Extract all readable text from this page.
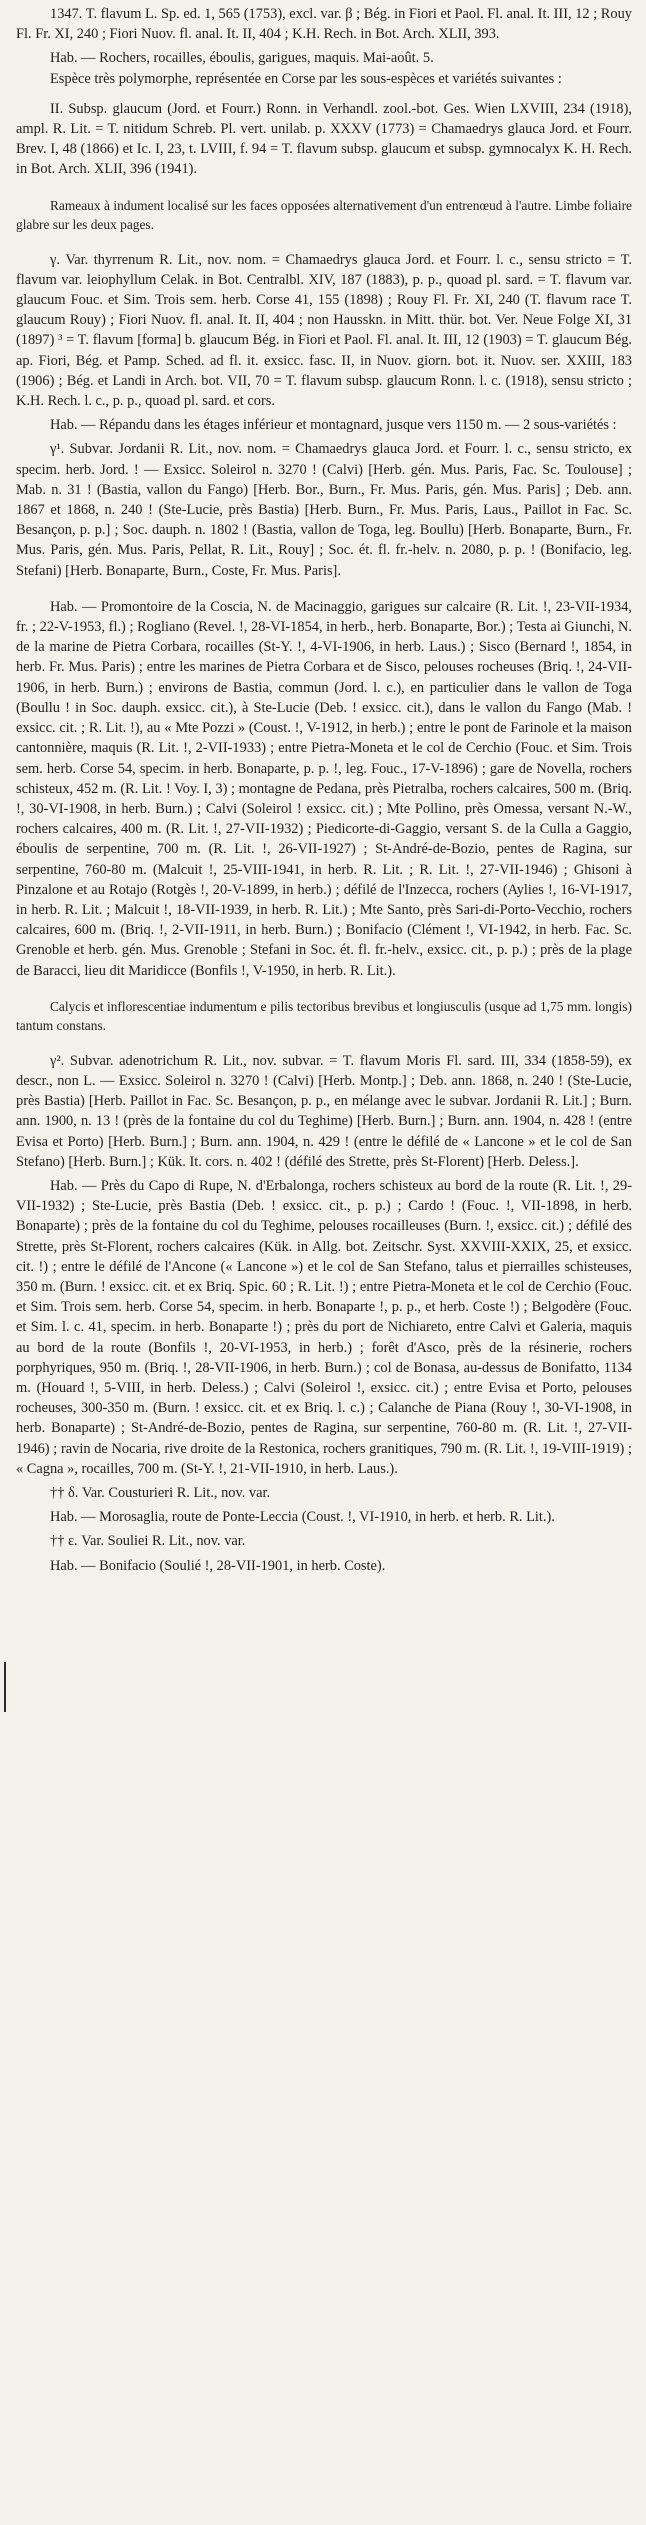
1347. T. flavum L. Sp. ed. 1, 565 (1753), excl. var. β ; Bég. in Fiori et Paol. Fl. anal. It. III, 12 ; Rouy Fl. Fr. XI, 240 ; Fiori Nuov. fl. anal. It. II, 404 ; K.H. Rech. in Bot. Arch. XLII, 393.

Hab. — Rochers, rocailles, éboulis, garigues, maquis. Mai-août. 5.

Espèce très polymorphe, représentée en Corse par les sous-espèces et variétés suivantes :

II. Subsp. glaucum (Jord. et Fourr.) Ronn. in Verhandl. zool.-bot. Ges. Wien LXVIII, 234 (1918), ampl. R. Lit. = T. nitidum Schreb. Pl. vert. unilab. p. XXXV (1773) = Chamaedrys glauca Jord. et Fourr. Brev. I, 48 (1866) et Ic. I, 23, t. LVIII, f. 94 = T. flavum subsp. glaucum et subsp. gymnocalyx K. H. Rech. in Bot. Arch. XLII, 396 (1941).

Rameaux à indument localisé sur les faces opposées alternativement d'un entrenœud à l'autre. Limbe foliaire glabre sur les deux pages.

γ. Var. thyrrenum R. Lit., nov. nom. = Chamaedrys glauca Jord. et Fourr. l. c., sensu stricto = T. flavum var. leiophyllum Celak. in Bot. Centralbl. XIV, 187 (1883), p. p., quoad pl. sard. = T. flavum var. glaucum Fouc. et Sim. Trois sem. herb. Corse 41, 155 (1898) ; Rouy Fl. Fr. XI, 240 (T. flavum race T. glaucum Rouy) ; Fiori Nuov. fl. anal. It. II, 404 ; non Hausskn. in Mitt. thür. bot. Ver. Neue Folge XI, 31 (1897) ³ = T. flavum [forma] b. glaucum Bég. in Fiori et Paol. Fl. anal. It. III, 12 (1903) = T. glaucum Bég. ap. Fiori, Bég. et Pamp. Sched. ad fl. it. exsicc. fasc. II, in Nuov. giorn. bot. it. Nuov. ser. XXIII, 183 (1906) ; Bég. et Landi in Arch. bot. VII, 70 = T. flavum subsp. glaucum Ronn. l. c. (1918), sensu stricto ; K.H. Rech. l. c., p. p., quoad pl. sard. et cors.

Hab. — Répandu dans les étages inférieur et montagnard, jusque vers 1150 m. — 2 sous-variétés :

γ¹. Subvar. Jordanii R. Lit., nov. nom. = Chamaedrys glauca Jord. et Fourr. l. c., sensu stricto, ex specim. herb. Jord. ! — Exsicc. Soleirol n. 3270 ! (Calvi) [Herb. gén. Mus. Paris, Fac. Sc. Toulouse] ; Mab. n. 31 ! (Bastia, vallon du Fango) [Herb. Bor., Burn., Fr. Mus. Paris, gén. Mus. Paris] ; Deb. ann. 1867 et 1868, n. 240 ! (Ste-Lucie, près Bastia) [Herb. Burn., Fr. Mus. Paris, Laus., Paillot in Fac. Sc. Besançon, p. p.] ; Soc. dauph. n. 1802 ! (Bastia, vallon de Toga, leg. Boullu) [Herb. Bonaparte, Burn., Fr. Mus. Paris, gén. Mus. Paris, Pellat, R. Lit., Rouy] ; Soc. ét. fl. fr.-helv. n. 2080, p. p. ! (Bonifacio, leg. Stefani) [Herb. Bonaparte, Burn., Coste, Fr. Mus. Paris].

Hab. — Promontoire de la Coscia, N. de Macinaggio, garigues sur calcaire (R. Lit. !, 23-VII-1934, fr. ; 22-V-1953, fl.) ; Rogliano (Revel. !, 28-VI-1854, in herb., herb. Bonaparte, Bor.) ; Testa ai Giunchi, N. de la marine de Pietra Corbara, rocailles (St-Y. !, 4-VI-1906, in herb. Laus.) ; Sisco (Bernard !, 1854, in herb. Fr. Mus. Paris) ; entre les marines de Pietra Corbara et de Sisco, pelouses rocheuses (Briq. !, 24-VII-1906, in herb. Burn.) ; environs de Bastia, commun (Jord. l. c.), en particulier dans le vallon de Toga (Boullu ! in Soc. dauph. exsicc. cit.), à Ste-Lucie (Deb. ! exsicc. cit.), dans le vallon du Fango (Mab. ! exsicc. cit. ; R. Lit. !), au « Mte Pozzi » (Coust. !, V-1912, in herb.) ; entre le pont de Farinole et la maison cantonnière, maquis (R. Lit. !, 2-VII-1933) ; entre Pietra-Moneta et le col de Cerchio (Fouc. et Sim. Trois sem. herb. Corse 54, specim. in herb. Bonaparte, p. p. !, leg. Fouc., 17-V-1896) ; gare de Novella, rochers schisteux, 452 m. (R. Lit. ! Voy. I, 3) ; montagne de Pedana, près Pietralba, rochers calcaires, 500 m. (Briq. !, 30-VI-1908, in herb. Burn.) ; Calvi (Soleirol ! exsicc. cit.) ; Mte Pollino, près Omessa, versant N.-W., rochers calcaires, 400 m. (R. Lit. !, 27-VII-1932) ; Piedicorte-di-Gaggio, versant S. de la Culla a Gaggio, éboulis de serpentine, 700 m. (R. Lit. !, 26-VII-1927) ; St-André-de-Bozio, pentes de Ragina, sur serpentine, 760-80 m. (Malcuit !, 25-VIII-1941, in herb. R. Lit. ; R. Lit. !, 27-VII-1946) ; Ghisoni à Pinzalone et au Rotajo (Rotgès !, 20-V-1899, in herb.) ; défilé de l'Inzecca, rochers (Aylies !, 16-VI-1917, in herb. R. Lit. ; Malcuit !, 18-VII-1939, in herb. R. Lit.) ; Mte Santo, près Sari-di-Porto-Vecchio, rochers calcaires, 600 m. (Briq. !, 2-VII-1911, in herb. Burn.) ; Bonifacio (Clément !, VI-1942, in herb. Fac. Sc. Grenoble et herb. gén. Mus. Grenoble ; Stefani in Soc. ét. fl. fr.-helv., exsicc. cit., p. p.) ; près de la plage de Baracci, lieu dit Maridicce (Bonfils !, V-1950, in herb. R. Lit.).

Calycis et inflorescentiae indumentum e pilis tectoribus brevibus et longiusculis (usque ad 1,75 mm. longis) tantum constans.

γ². Subvar. adenotrichum R. Lit., nov. subvar. = T. flavum Moris Fl. sard. III, 334 (1858-59), ex descr., non L. — Exsicc. Soleirol n. 3270 ! (Calvi) [Herb. Montp.] ; Deb. ann. 1868, n. 240 ! (Ste-Lucie, près Bastia) [Herb. Paillot in Fac. Sc. Besançon, p. p., en mélange avec le subvar. Jordanii R. Lit.] ; Burn. ann. 1900, n. 13 ! (près de la fontaine du col du Teghime) [Herb. Burn.] ; Burn. ann. 1904, n. 428 ! (entre Evisa et Porto) [Herb. Burn.] ; Burn. ann. 1904, n. 429 ! (entre le défilé de « Lancone » et le col de San Stefano) [Herb. Burn.] ; Kük. It. cors. n. 402 ! (défilé des Strette, près St-Florent) [Herb. Deless.].

Hab. — Près du Capo di Rupe, N. d'Erbalonga, rochers schisteux au bord de la route (R. Lit. !, 29-VII-1932) ; Ste-Lucie, près Bastia (Deb. ! exsicc. cit., p. p.) ; Cardo ! (Fouc. !, VII-1898, in herb. Bonaparte) ; près de la fontaine du col du Teghime, pelouses rocailleuses (Burn. !, exsicc. cit.) ; défilé des Strette, près St-Florent, rochers calcaires (Kük. in Allg. bot. Zeitschr. Syst. XXVIII-XXIX, 25, et exsicc. cit. !) ; entre le défilé de l'Ancone (« Lancone ») et le col de San Stefano, talus et pierrailles schisteuses, 350 m. (Burn. ! exsicc. cit. et ex Briq. Spic. 60 ; R. Lit. !) ; entre Pietra-Moneta et le col de Cerchio (Fouc. et Sim. Trois sem. herb. Corse 54, specim. in herb. Bonaparte !, p. p., et herb. Coste !) ; Belgodère (Fouc. et Sim. l. c. 41, specim. in herb. Bonaparte !) ; près du port de Nichiareto, entre Calvi et Galeria, maquis au bord de la route (Bonfils !, 20-VI-1953, in herb.) ; forêt d'Asco, près de la résinerie, rochers porphyriques, 950 m. (Briq. !, 28-VII-1906, in herb. Burn.) ; col de Bonasa, au-dessus de Bonifatto, 1134 m. (Houard !, 5-VIII, in herb. Deless.) ; Calvi (Soleirol !, exsicc. cit.) ; entre Evisa et Porto, pelouses rocheuses, 300-350 m. (Burn. ! exsicc. cit. et ex Briq. l. c.) ; Calanche de Piana (Rouy !, 30-VI-1908, in herb. Bonaparte) ; St-André-de-Bozio, pentes de Ragina, sur serpentine, 760-80 m. (R. Lit. !, 27-VII-1946) ; ravin de Nocaria, rive droite de la Restonica, rochers granitiques, 790 m. (R. Lit. !, 19-VIII-1919) ; « Cagna », rocailles, 700 m. (St-Y. !, 21-VII-1910, in herb. Laus.).

†† δ. Var. Cousturieri R. Lit., nov. var.

Hab. — Morosaglia, route de Ponte-Leccia (Coust. !, VI-1910, in herb. et herb. R. Lit.).

†† ε. Var. Souliei R. Lit., nov. var.

Hab. — Bonifacio (Soulié !, 28-VII-1901, in herb. Coste).
